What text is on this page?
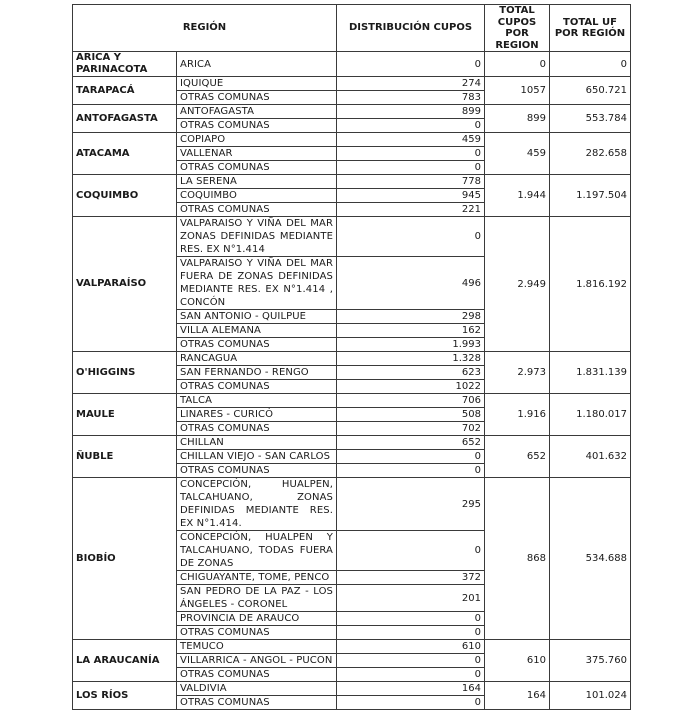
REGIÓN		DISTRIBUCIÓN CUPOS	TOTAL CUPOS POR REGION	TOTAL UF POR REGIÓN
ARICA Y PARINACOTA	ARICA	0	0	0
TARAPACÁ	IQUIQUE	274	1057	650.721
	OTRAS COMUNAS	783		
ANTOFAGASTA	ANTOFAGASTA	899	899	553.784
	OTRAS COMUNAS	0		
ATACAMA	COPIAPO	459	459	282.658
	VALLENAR	0		
	OTRAS COMUNAS	0		
COQUIMBO	LA SERENA	778	1.944	1.197.504
	COQUIMBO	945		
	OTRAS COMUNAS	221		
VALPARAÍSO	VALPARAISO Y VIÑA DEL MAR ZONAS DEFINIDAS MEDIANTE RES. EX N°1.414	0	2.949	1.816.192
	VALPARAISO Y VIÑA DEL MAR FUERA DE ZONAS DEFINIDAS MEDIANTE RES. EX N°1.414 , CONCÓN	496		
	SAN ANTONIO - QUILPUE	298		
	VILLA ALEMANA	162		
	OTRAS COMUNAS	1.993		
O'HIGGINS	RANCAGUA	1.328	2.973	1.831.139
	SAN FERNANDO - RENGO	623		
	OTRAS COMUNAS	1022		
MAULE	TALCA	706	1.916	1.180.017
	LINARES - CURICÓ	508		
	OTRAS COMUNAS	702		
ÑUBLE	CHILLAN	652	652	401.632
	CHILLAN VIEJO - SAN CARLOS	0		
	OTRAS COMUNAS	0		
BIOBÍO	CONCEPCIÓN, HUALPEN, TALCAHUANO, ZONAS DEFINIDAS MEDIANTE RES. EX N°1.414.	295	868	534.688
	CONCEPCIÓN, HUALPEN Y TALCAHUANO, TODAS FUERA DE ZONAS	0		
	CHIGUAYANTE, TOME, PENCO	372		
	SAN PEDRO DE LA PAZ - LOS ÁNGELES - CORONEL	201		
	PROVINCIA DE ARAUCO	0		
	OTRAS COMUNAS	0		
LA ARAUCANÍA	TEMUCO	610	610	375.760
	VILLARRICA - ANGOL - PUCON	0		
	OTRAS COMUNAS	0		
LOS RÍOS	VALDIVIA	164	164	101.024
	OTRAS COMUNAS	0		
